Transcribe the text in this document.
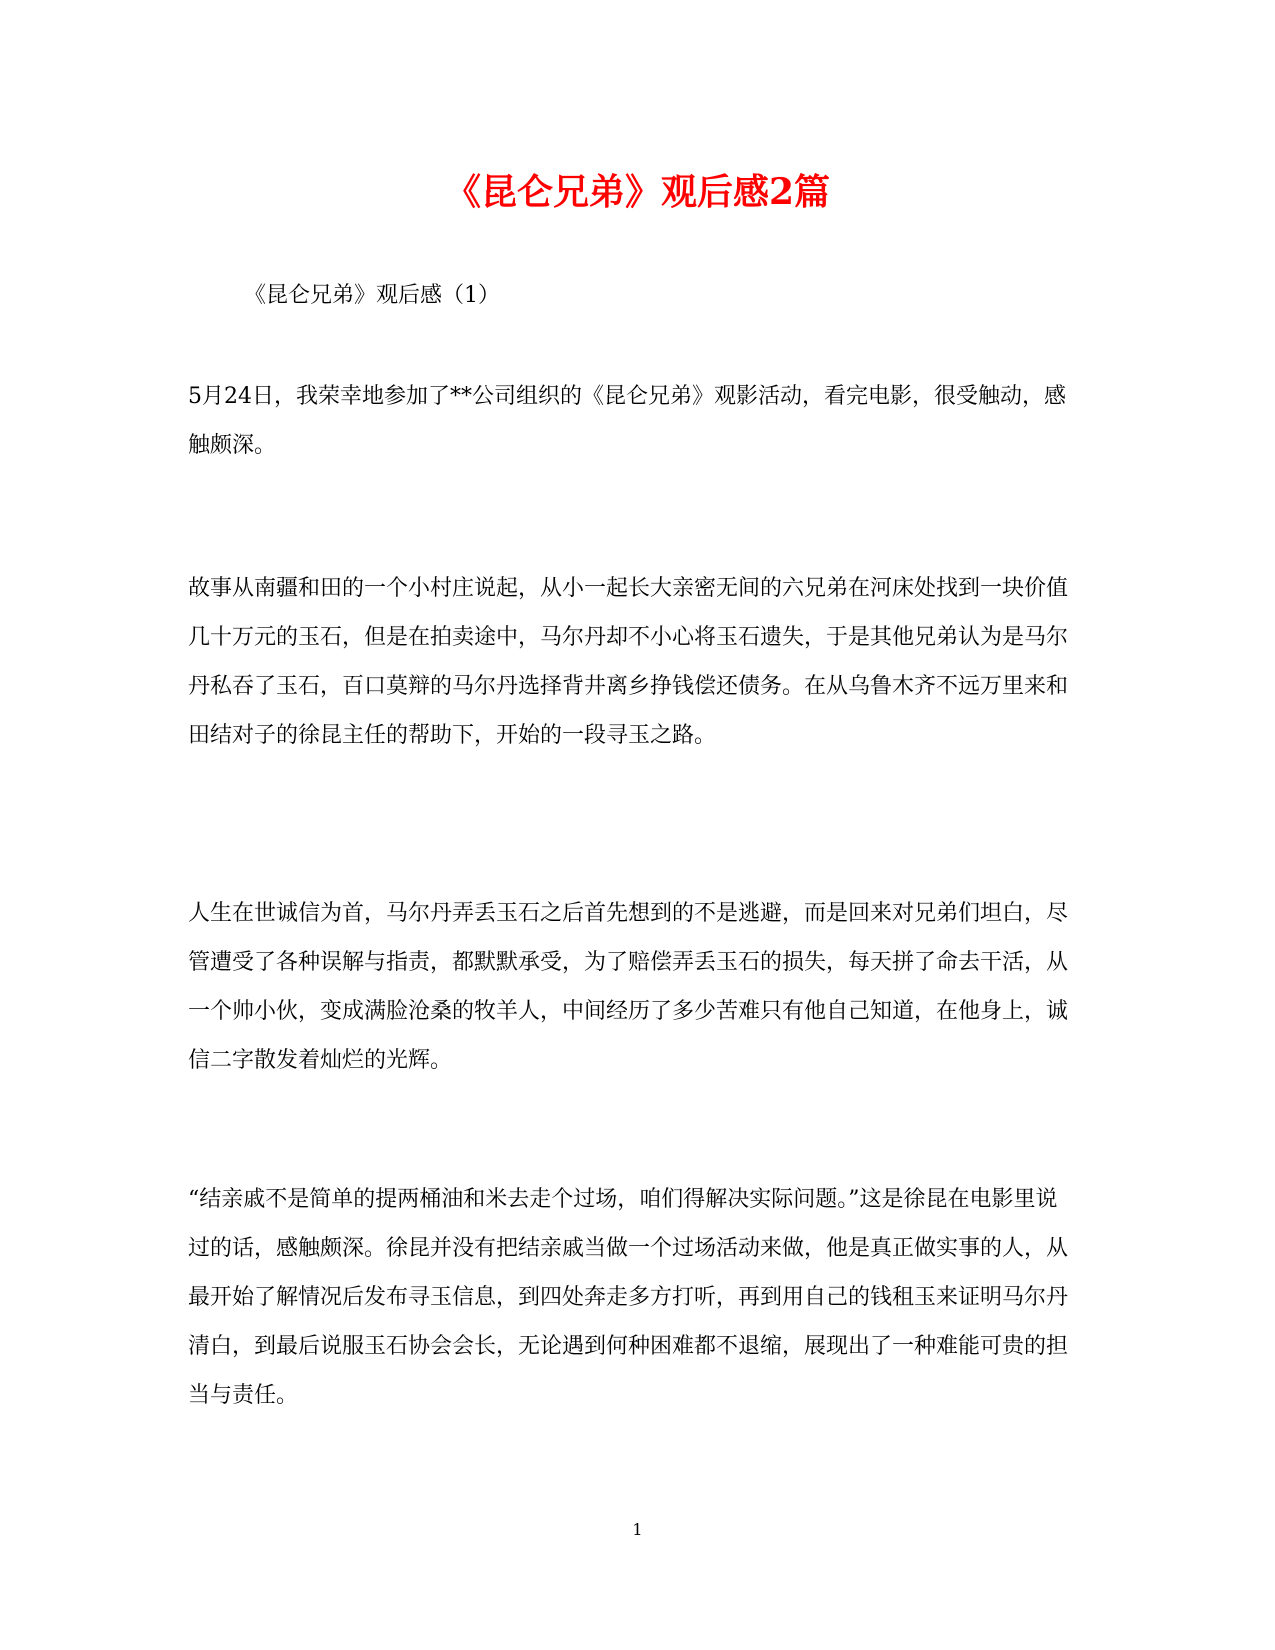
《昆仑兄弟》观后感2篇
《昆仑兄弟》观后感（1）

5月24日，我荣幸地参加了**公司组织的《昆仑兄弟》观影活动，看完电影，很受触动，感触颇深。

故事从南疆和田的一个小村庄说起，从小一起长大亲密无间的六兄弟在河床处找到一块价值几十万元的玉石，但是在拍卖途中，马尔丹却不小心将玉石遗失，于是其他兄弟认为是马尔丹私吞了玉石，百口莫辩的马尔丹选择背井离乡挣钱偿还债务。在从乌鲁木齐不远万里来和田结对子的徐昆主任的帮助下，开始的一段寻玉之路。

人生在世诚信为首，马尔丹弄丢玉石之后首先想到的不是逃避，而是回来对兄弟们坦白，尽管遭受了各种误解与指责，都默默承受，为了赔偿弄丢玉石的损失，每天拼了命去干活，从一个帅小伙，变成满脸沧桑的牧羊人，中间经历了多少苦难只有他自己知道，在他身上，诚信二字散发着灿烂的光辉。

“结亲戚不是简单的提两桶油和米去走个过场，咱们得解决实际问题。”这是徐昆在电影里说过的话，感触颇深。徐昆并没有把结亲戚当做一个过场活动来做，他是真正做实事的人，从最开始了解情况后发布寻玉信息，到四处奔走多方打听，再到用自己的钱租玉来证明马尔丹清白，到最后说服玉石协会会长，无论遇到何种困难都不退缩，展现出了一种难能可贵的担当与责任。

1
